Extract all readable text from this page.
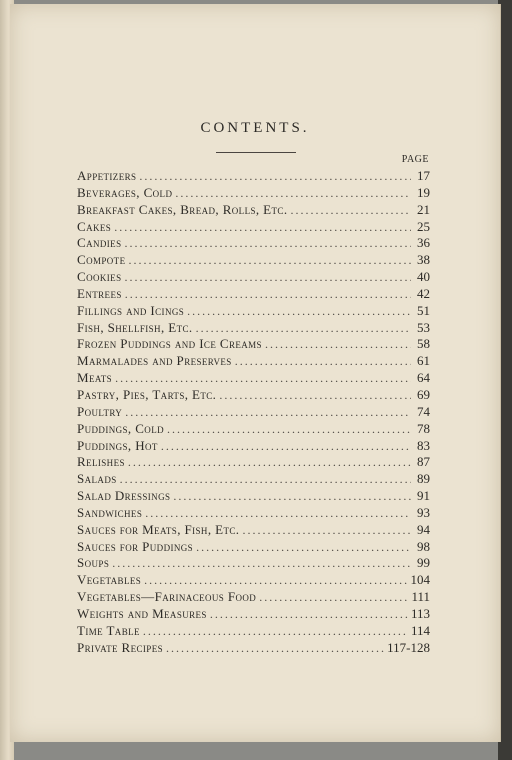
CONTENTS.
PAGE
Appetizers .....	17
Beverages, Cold .....	19
Breakfast Cakes, Bread, Rolls, Etc. .....	21
Cakes .....	25
Candies .....	36
Compote .....	38
Cookies .....	40
Entrees .....	42
Fillings and Icings .....	51
Fish, Shellfish, Etc. .....	53
Frozen Puddings and Ice Creams .....	58
Marmalades and Preserves .....	61
Meats .....	64
Pastry, Pies, Tarts, Etc. .....	69
Poultry .....	74
Puddings, Cold .....	78
Puddings, Hot .....	83
Relishes .....	87
Salads .....	89
Salad Dressings .....	91
Sandwiches .....	93
Sauces for Meats, Fish, Etc. .....	94
Sauces for Puddings .....	98
Soups .....	99
Vegetables .....	104
Vegetables—Farinaceous Food .....	111
Weights and Measures .....	113
Time Table .....	114
Private Recipes .....	117-128
